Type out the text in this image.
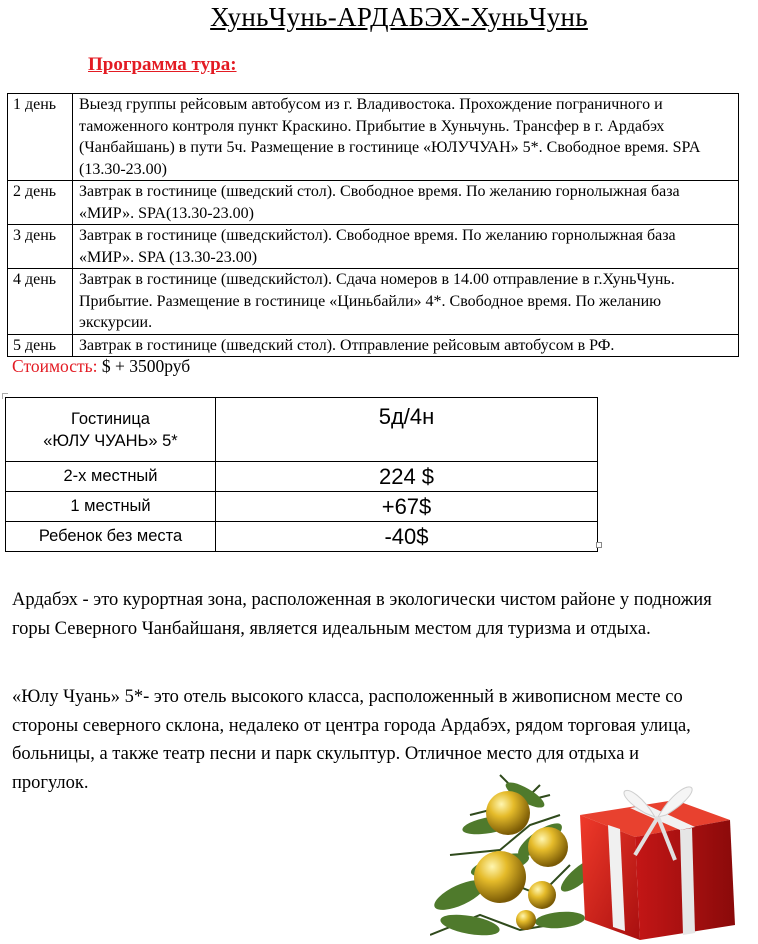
ХуньЧунь-АРДАБЭХ-ХуньЧунь
Программа тура:
1 день	Выезд группы рейсовым автобусом из г. Владивостока. Прохождение пограничного и таможенного контроля пункт Краскино. Прибытие в Хуньчунь. Трансфер в г. Ардабэх (Чанбайшань) в пути 5ч. Размещение в гостинице «ЮЛУЧУАН» 5*. Свободное время. SPA (13.30-23.00)
2 день	Завтрак в гостинице (шведский стол). Свободное время. По желанию горнолыжная база «МИР». SPA(13.30-23.00)
3 день	Завтрак в гостинице (шведскийстол). Свободное время. По желанию горнолыжная база «МИР». SPA (13.30-23.00)
4 день	Завтрак в гостинице (шведскийстол). Сдача номеров в 14.00 отправление в г.ХуньЧунь. Прибытие. Размещение в гостинице «Циньбайли» 4*. Свободное время. По желанию экскурсии.
5 день	Завтрак в гостинице (шведский стол). Отправление рейсовым автобусом в РФ.
Стоимость: $ + 3500руб
Гостиница
«ЮЛУ ЧУАНЬ» 5*	5д/4н
2-х местный	224 $
1 местный	+67$
Ребенок без места	-40$

Ардабэх - это курортная зона, расположенная в экологически чистом районе у подножия горы Северного Чанбайшаня, является идеальным местом для туризма и отдыха.

«Юлу Чуань» 5*- это отель высокого класса, расположенный в живописном месте со стороны северного склона, недалеко от центра города Ардабэх, рядом торговая улица, больницы, а также театр песни и парк скульптур. Отличное место для отдыха и прогулок.
